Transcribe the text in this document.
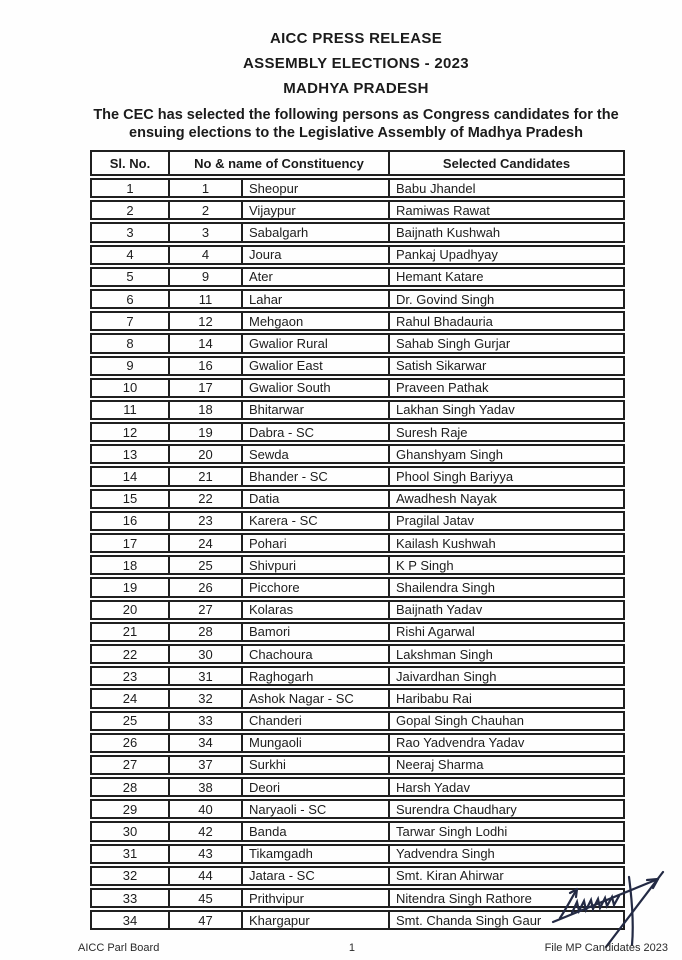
AICC PRESS RELEASE
ASSEMBLY ELECTIONS - 2023
MADHYA PRADESH
The CEC has selected the following persons as Congress candidates for the ensuing elections to the Legislative Assembly of Madhya Pradesh
Sl. No.	No & name of Constituency		Selected Candidates
1	1	Sheopur	Babu Jhandel
2	2	Vijaypur	Ramiwas Rawat
3	3	Sabalgarh	Baijnath Kushwah
4	4	Joura	Pankaj Upadhyay
5	9	Ater	Hemant Katare
6	11	Lahar	Dr. Govind Singh
7	12	Mehgaon	Rahul Bhadauria
8	14	Gwalior Rural	Sahab Singh Gurjar
9	16	Gwalior East	Satish Sikarwar
10	17	Gwalior South	Praveen Pathak
11	18	Bhitarwar	Lakhan Singh Yadav
12	19	Dabra - SC	Suresh Raje
13	20	Sewda	Ghanshyam Singh
14	21	Bhander - SC	Phool Singh Bariyya
15	22	Datia	Awadhesh Nayak
16	23	Karera - SC	Pragilal Jatav
17	24	Pohari	Kailash Kushwah
18	25	Shivpuri	K P Singh
19	26	Picchore	Shailendra Singh
20	27	Kolaras	Baijnath Yadav
21	28	Bamori	Rishi Agarwal
22	30	Chachoura	Lakshman Singh
23	31	Raghogarh	Jaivardhan Singh
24	32	Ashok Nagar - SC	Haribabu Rai
25	33	Chanderi	Gopal Singh Chauhan
26	34	Mungaoli	Rao Yadvendra Yadav
27	37	Surkhi	Neeraj Sharma
28	38	Deori	Harsh Yadav
29	40	Naryaoli - SC	Surendra Chaudhary
30	42	Banda	Tarwar Singh Lodhi
31	43	Tikamgadh	Yadvendra Singh
32	44	Jatara - SC	Smt. Kiran Ahirwar
33	45	Prithvipur	Nitendra Singh Rathore
34	47	Khargapur	Smt. Chanda Singh Gaur
AICC Parl Board	1	File MP Candidates 2023
